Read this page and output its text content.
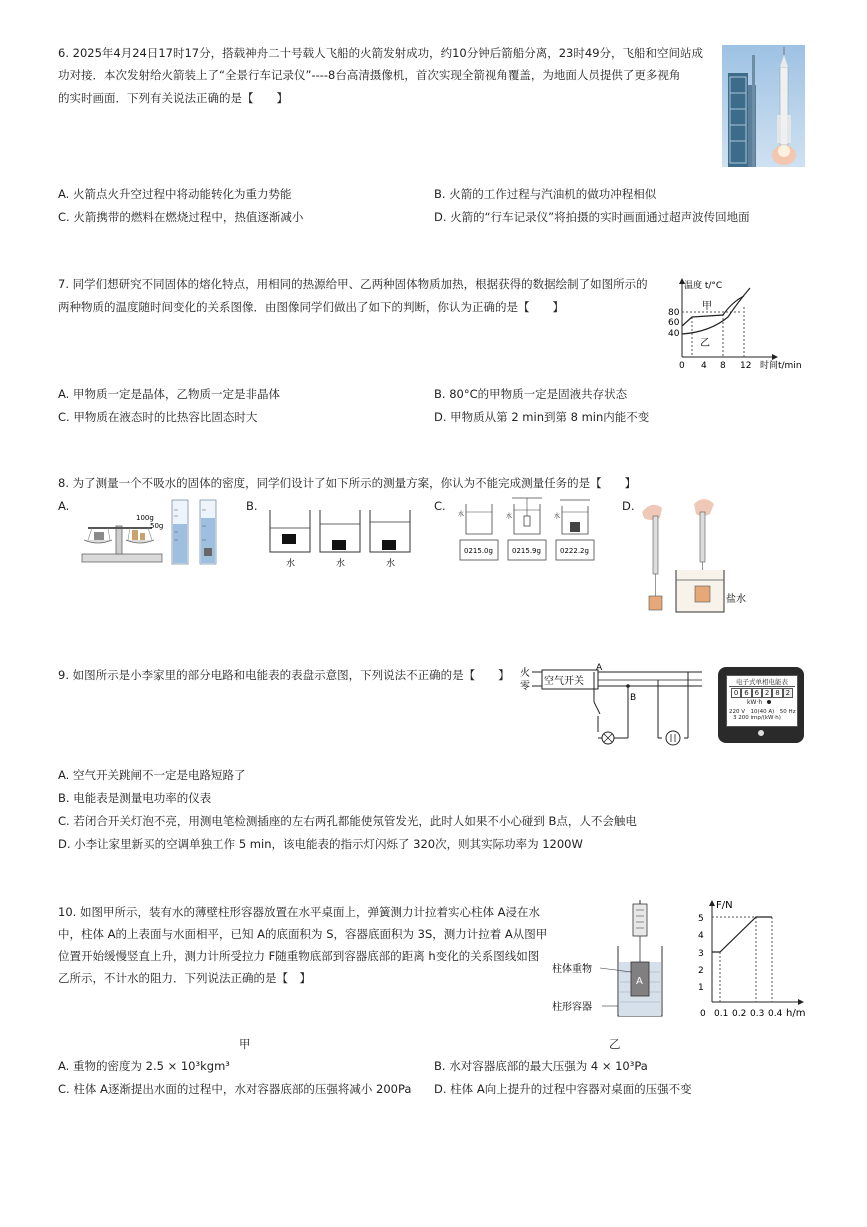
6. 2025年4月24日17时17分，搭载神舟二十号载人飞船的火箭发射成功，约10分钟后箭船分离，23时49分，飞船和空间站成
功对接．本次发射给火箭装上了“全景行车记录仪”----8台高清摄像机，首次实现全箭视角覆盖，为地面人员提供了更多视角
的实时画面．下列有关说法正确的是【　　】
A. 火箭点火升空过程中将动能转化为重力势能	B. 火箭的工作过程与汽油机的做功冲程相似
C. 火箭携带的燃料在燃烧过程中，热值逐渐减小	D. 火箭的“行车记录仪”将拍摄的实时画面通过超声波传回地面
7. 同学们想研究不同固体的熔化特点，用相同的热源给甲、乙两种固体物质加热，根据获得的数据绘制了如图所示的
两种物质的温度随时间变化的关系图像．由图像同学们做出了如下的判断，你认为正确的是【　　】
温度 t/°C
时间t/min
80
60
40
0 4 8 12
甲
乙
A. 甲物质一定是晶体，乙物质一定是非晶体	B. 80°C的甲物质一定是固液共存状态
C. 甲物质在液态时的比热容比固态时大	D. 甲物质从第 2 min到第 8 min内能不变
8. 为了测量一个不吸水的固体的密度，同学们设计了如下所示的测量方案，你认为不能完成测量任务的是【　　】
A.	B.	C.	D.
100g
50g
水	水	水
水	水	水
0215.0g	0215.9g	0222.2g
盐水
9. 如图所示是小李家里的部分电路和电能表的表盘示意图，下列说法不正确的是【　　】 火
零 空气开关
A
B
电子式单相电能表
0 6 6 2 8 2
kW·h
220 V　10(40 A)　50 Hz
3 200 imp/(kW·h)
A. 空气开关跳闸不一定是电路短路了
B. 电能表是测量电功率的仪表
C. 若闭合开关灯泡不亮，用测电笔检测插座的左右两孔都能使氖管发光，此时人如果不小心碰到 B点，人不会触电
D. 小李让家里新买的空调单独工作 5 min，该电能表的指示灯闪烁了 320次，则其实际功率为 1200W
10. 如图甲所示，装有水的薄壁柱形容器放置在水平桌面上，弹簧测力计拉着实心柱体 A浸在水
中，柱体 A的上表面与水面相平，已知 A的底面积为 S，容器底面积为 3S，测力计拉着 A从图甲
位置开始缓慢竖直上升，测力计所受拉力 F随重物底部到容器底部的距离 h变化的关系图线如图
乙所示，不计水的阻力．下列说法正确的是【　】	A
柱体重物
柱形容器
F/N
h/m
5
4
3
2
1
0 0.1 0.2 0.3 0.4
甲	乙
A. 重物的密度为 2.5 × 10³kgm³	B. 水对容器底部的最大压强为 4 × 10³Pa
C. 柱体 A逐渐提出水面的过程中，水对容器底部的压强将减小 200Pa D. 柱体 A向上提升的过程中容器对桌面的压强不变
